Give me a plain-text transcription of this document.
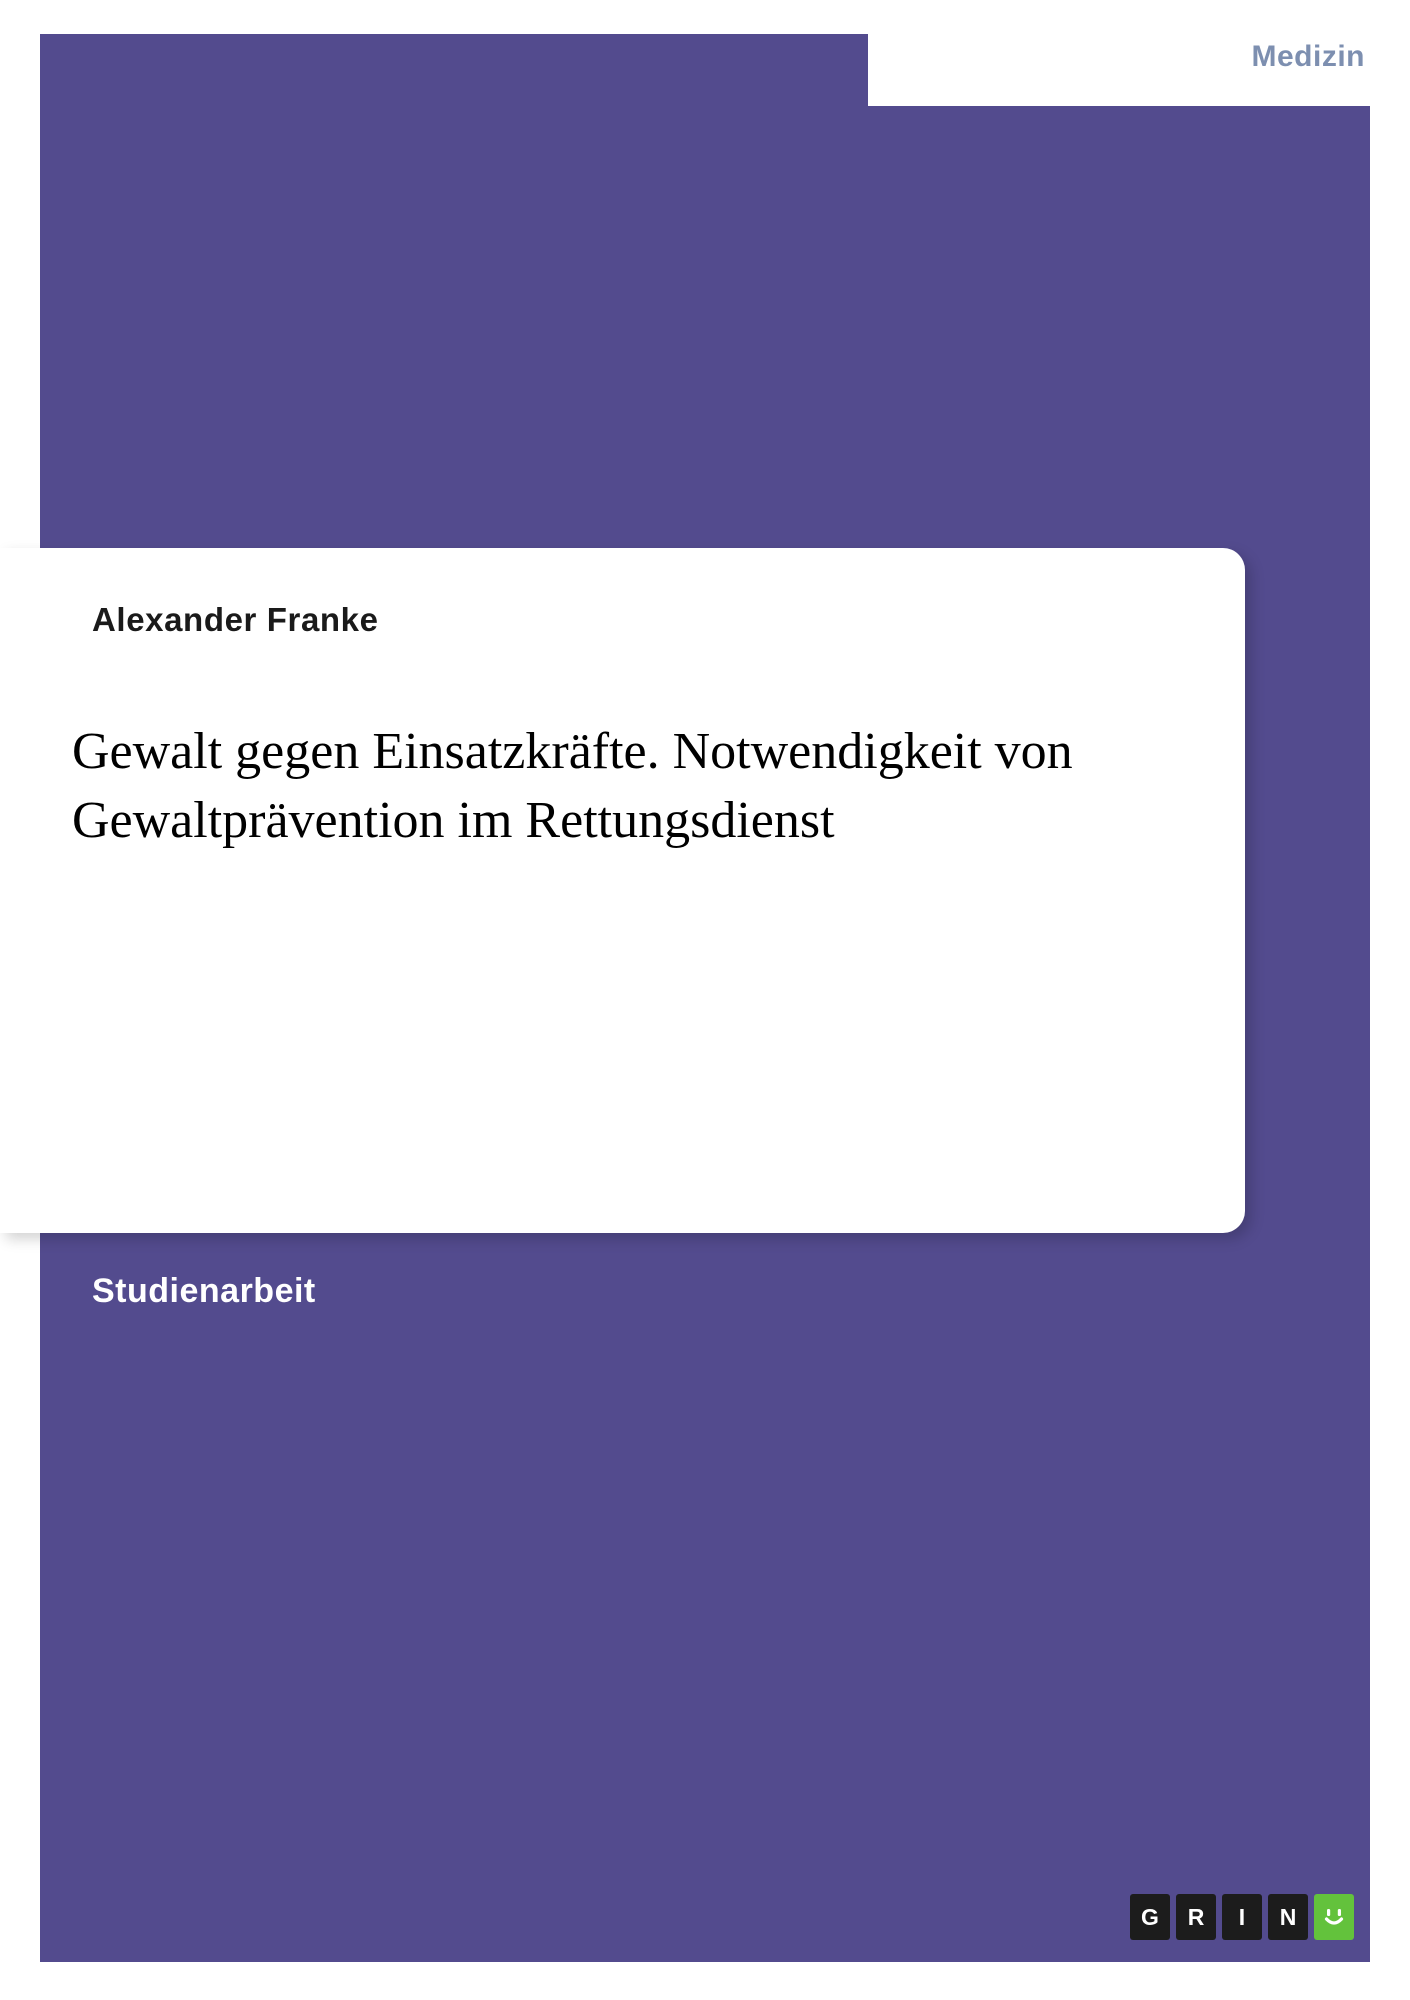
Medizin
Alexander Franke
Gewalt gegen Einsatzkräfte. Notwendigkeit von Gewaltprävention im Rettungsdienst
Studienarbeit
G	R	I	N
